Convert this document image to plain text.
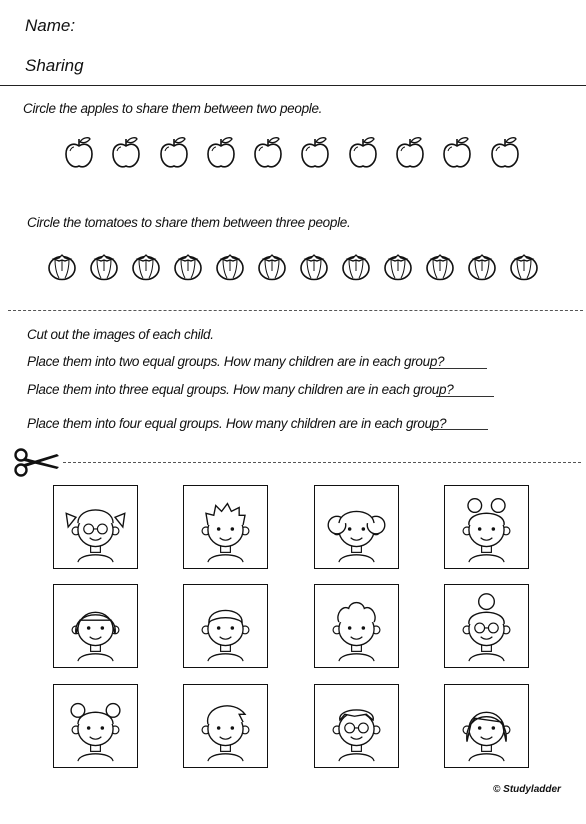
Name:
Sharing
Circle the apples to share them between two people.
Circle the tomatoes to share them between three people.
Cut out the images of each child.
Place them into two equal groups. How many children are in each group?
Place them into three equal groups. How many children are in each group?
Place them into four equal groups. How many children are in each group?
© Studyladder
